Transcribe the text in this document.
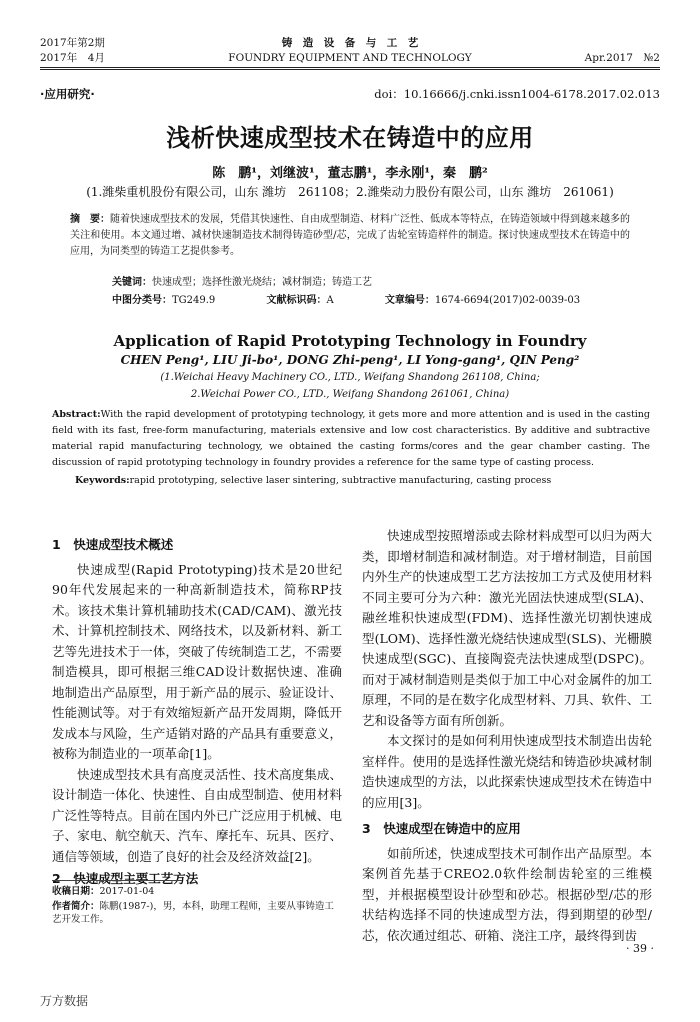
2017年第2期
2017年　4月
铸　造　设　备　与　工　艺
FOUNDRY EQUIPMENT AND TECHNOLOGY	Apr.2017　№2
·应用研究·	doi：10.16666/j.cnki.issn1004-6178.2017.02.013
浅析快速成型技术在铸造中的应用
陈　鹏¹，刘继波¹，董志鹏¹，李永刚¹，秦　鹏²
(1.潍柴重机股份有限公司，山东 潍坊　261108；2.潍柴动力股份有限公司，山东 潍坊　261061)
摘　要：随着快速成型技术的发展，凭借其快速性、自由成型制造、材料广泛性、低成本等特点，在铸造领域中得到越来越多的关注和使用。本文通过增、减材快速制造技术制得铸造砂型/芯，完成了齿轮室铸造样件的制造。探讨快速成型技术在铸造中的应用，为同类型的铸造工艺提供参考。
关键词：快速成型；选择性激光烧结；减材制造；铸造工艺
中图分类号：TG249.9	文献标识码：A	文章编号：1674-6694(2017)02-0039-03
Application of Rapid Prototyping Technology in Foundry
CHEN Peng¹, LIU Ji-bo¹, DONG Zhi-peng¹, LI Yong-gang¹, QIN Peng²
(1.Weichai Heavy Machinery CO., LTD., Weifang Shandong 261108, China;
2.Weichai Power CO., LTD., Weifang Shandong 261061, China)
Abstract:With the rapid development of prototyping technology, it gets more and more attention and is used in the casting field with its fast, free-form manufacturing, materials extensive and low cost characteristics. By additive and subtractive material rapid manufacturing technology, we obtained the casting forms/cores and the gear chamber casting. The discussion of rapid prototyping technology in foundry provides a reference for the same type of casting process.
Keywords:rapid prototyping, selective laser sintering, subtractive manufacturing, casting process
1　快速成型技术概述

快速成型(Rapid Prototyping)技术是20世纪90年代发展起来的一种高新制造技术，简称RP技术。该技术集计算机辅助技术(CAD/CAM)、激光技术、计算机控制技术、网络技术，以及新材料、新工艺等先进技术于一体，突破了传统制造工艺，不需要制造模具，即可根据三维CAD设计数据快速、准确地制造出产品原型，用于新产品的展示、验证设计、性能测试等。对于有效缩短新产品开发周期，降低开发成本与风险，生产适销对路的产品具有重要意义，被称为制造业的一项革命[1]。

快速成型技术具有高度灵活性、技术高度集成、设计制造一体化、快速性、自由成型制造、使用材料广泛性等特点。目前在国内外已广泛应用于机械、电子、家电、航空航天、汽车、摩托车、玩具、医疗、通信等领域，创造了良好的社会及经济效益[2]。

2　快速成型主要工艺方法
收稿日期：2017-01-04
作者简介：陈鹏(1987-)，男，本科，助理工程师，主要从事铸造工艺开发工作。

快速成型按照增添或去除材料成型可以归为两大类，即增材制造和减材制造。对于增材制造，目前国内外生产的快速成型工艺方法按加工方式及使用材料不同主要可分为六种：激光光固法快速成型(SLA)、融丝堆积快速成型(FDM)、选择性激光切割快速成型(LOM)、选择性激光烧结快速成型(SLS)、光栅膜快速成型(SGC)、直接陶瓷壳法快速成型(DSPC)。而对于减材制造则是类似于加工中心对金属件的加工原理，不同的是在数字化成型材料、刀具、软件、工艺和设备等方面有所创新。

本文探讨的是如何利用快速成型技术制造出齿轮室样件。使用的是选择性激光烧结和铸造砂块减材制造快速成型的方法，以此探索快速成型技术在铸造中的应用[3]。

3　快速成型在铸造中的应用

如前所述，快速成型技术可制作出产品原型。本案例首先基于CREO2.0软件绘制齿轮室的三维模型，并根据模型设计砂型和砂芯。根据砂型/芯的形状结构选择不同的快速成型方法，得到期望的砂型/芯，依次通过组芯、研箱、浇注工序，最终得到齿

· 39 ·
万方数据
